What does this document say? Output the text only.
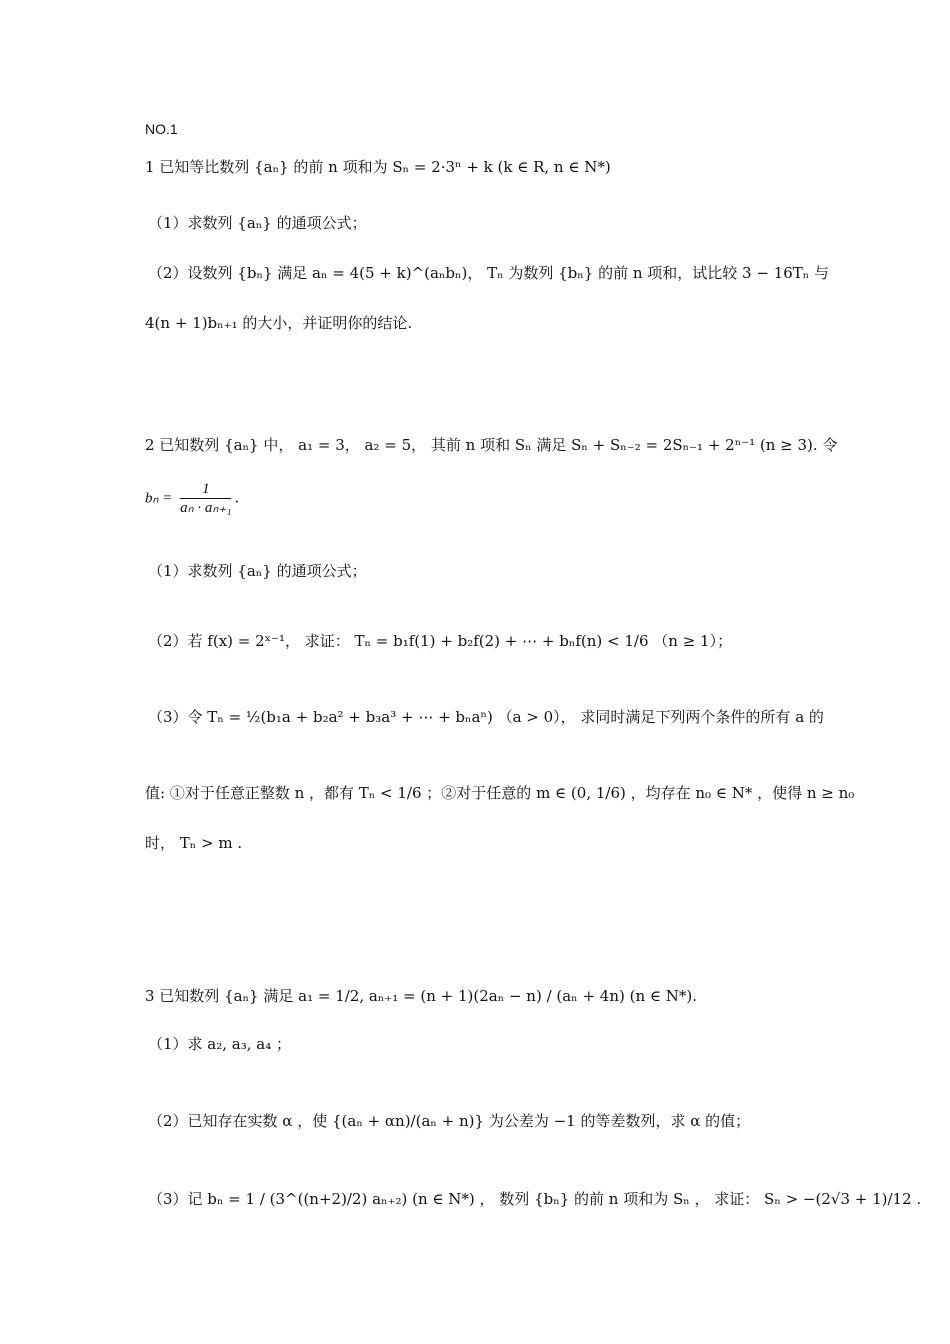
NO.1
1 已知等比数列 {aₙ} 的前 n 项和为 Sₙ = 2·3ⁿ + k (k ∈ R, n ∈ N*)
（1）求数列 {aₙ} 的通项公式；
（2）设数列 {bₙ} 满足 aₙ = 4(5 + k)^(aₙbₙ)， Tₙ 为数列 {bₙ} 的前 n 项和，试比较 3 − 16Tₙ 与
4(n + 1)bₙ₊₁ 的大小，并证明你的结论.
2 已知数列 {aₙ} 中， a₁ = 3， a₂ = 5， 其前 n 项和 Sₙ 满足 Sₙ + Sₙ₋₂ = 2Sₙ₋₁ + 2ⁿ⁻¹ (n ≥ 3). 令
$b_n = \frac{1}{\text{aₙ · aₙ₊₁}}$ .
（1）求数列 {aₙ} 的通项公式；
（2）若 f(x) = 2ˣ⁻¹， 求证： Tₙ = b₁f(1) + b₂f(2) + ⋯ + bₙf(n) < 1/6 （n ≥ 1）；
（3）令 Tₙ = ½(b₁a + b₂a² + b₃a³ + ⋯ + bₙaⁿ) （a > 0）， 求同时满足下列两个条件的所有 a 的
值: ①对于任意正整数 n ，都有 Tₙ < 1/6 ；②对于任意的 m ∈ (0, 1/6) ，均存在 n₀ ∈ N* ，使得 n ≥ n₀
时， Tₙ > m .
3 已知数列 {aₙ} 满足 a₁ = 1/2, aₙ₊₁ = (n + 1)(2aₙ − n) / (aₙ + 4n) (n ∈ N*).
（1）求 a₂, a₃, a₄ ；
（2）已知存在实数 α ，使 {(aₙ + αn)/(aₙ + n)} 为公差为 −1 的等差数列，求 α 的值；
（3）记 bₙ = 1 / (3^((n+2)/2) aₙ₊₂) (n ∈ N*) ， 数列 {bₙ} 的前 n 项和为 Sₙ ， 求证： Sₙ > −(2√3 + 1)/12 .
